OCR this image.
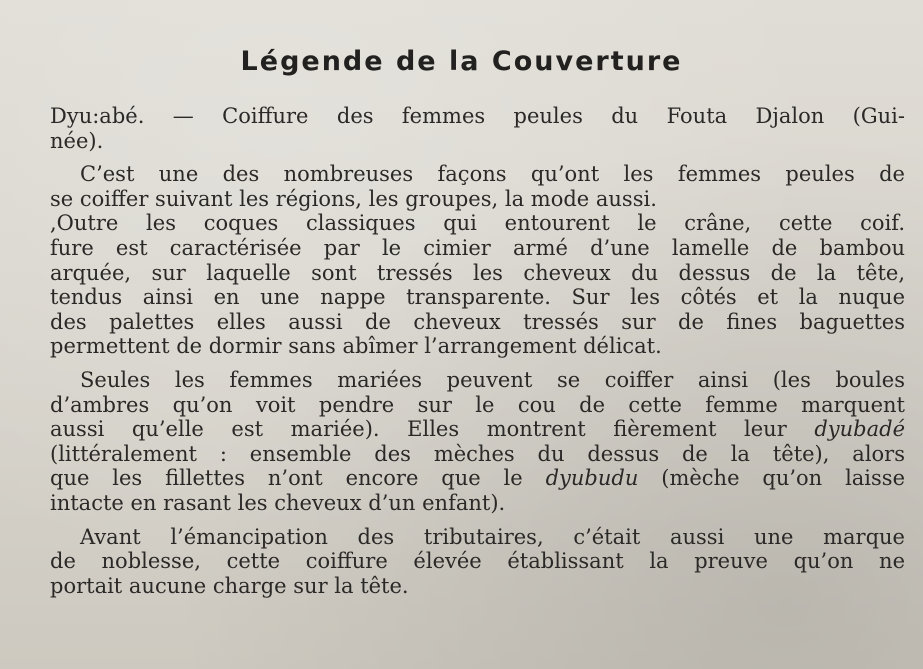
Légende de la Couverture
Dyu:abé. — Coiffure des femmes peules du Fouta Djalon (Gui-
née).
C’est une des nombreuses façons qu’ont les femmes peules de
se coiffer suivant les régions, les groupes, la mode aussi.
,Outre les coques classiques qui entourent le crâne, cette coif.
fure est caractérisée par le cimier armé d’une lamelle de bambou
arquée, sur laquelle sont tressés les cheveux du dessus de la tête,
tendus ainsi en une nappe transparente. Sur les côtés et la nuque
des palettes elles aussi de cheveux tressés sur de fines baguettes
permettent de dormir sans abîmer l’arrangement délicat.
Seules les femmes mariées peuvent se coiffer ainsi (les boules
d’ambres qu’on voit pendre sur le cou de cette femme marquent
aussi qu’elle est mariée). Elles montrent fièrement leur dyubadé
(littéralement : ensemble des mèches du dessus de la tête), alors
que les fillettes n’ont encore que le dyubudu (mèche qu’on laisse
intacte en rasant les cheveux d’un enfant).
Avant l’émancipation des tributaires, c’était aussi une marque
de noblesse, cette coiffure élevée établissant la preuve qu’on ne
portait aucune charge sur la tête.
